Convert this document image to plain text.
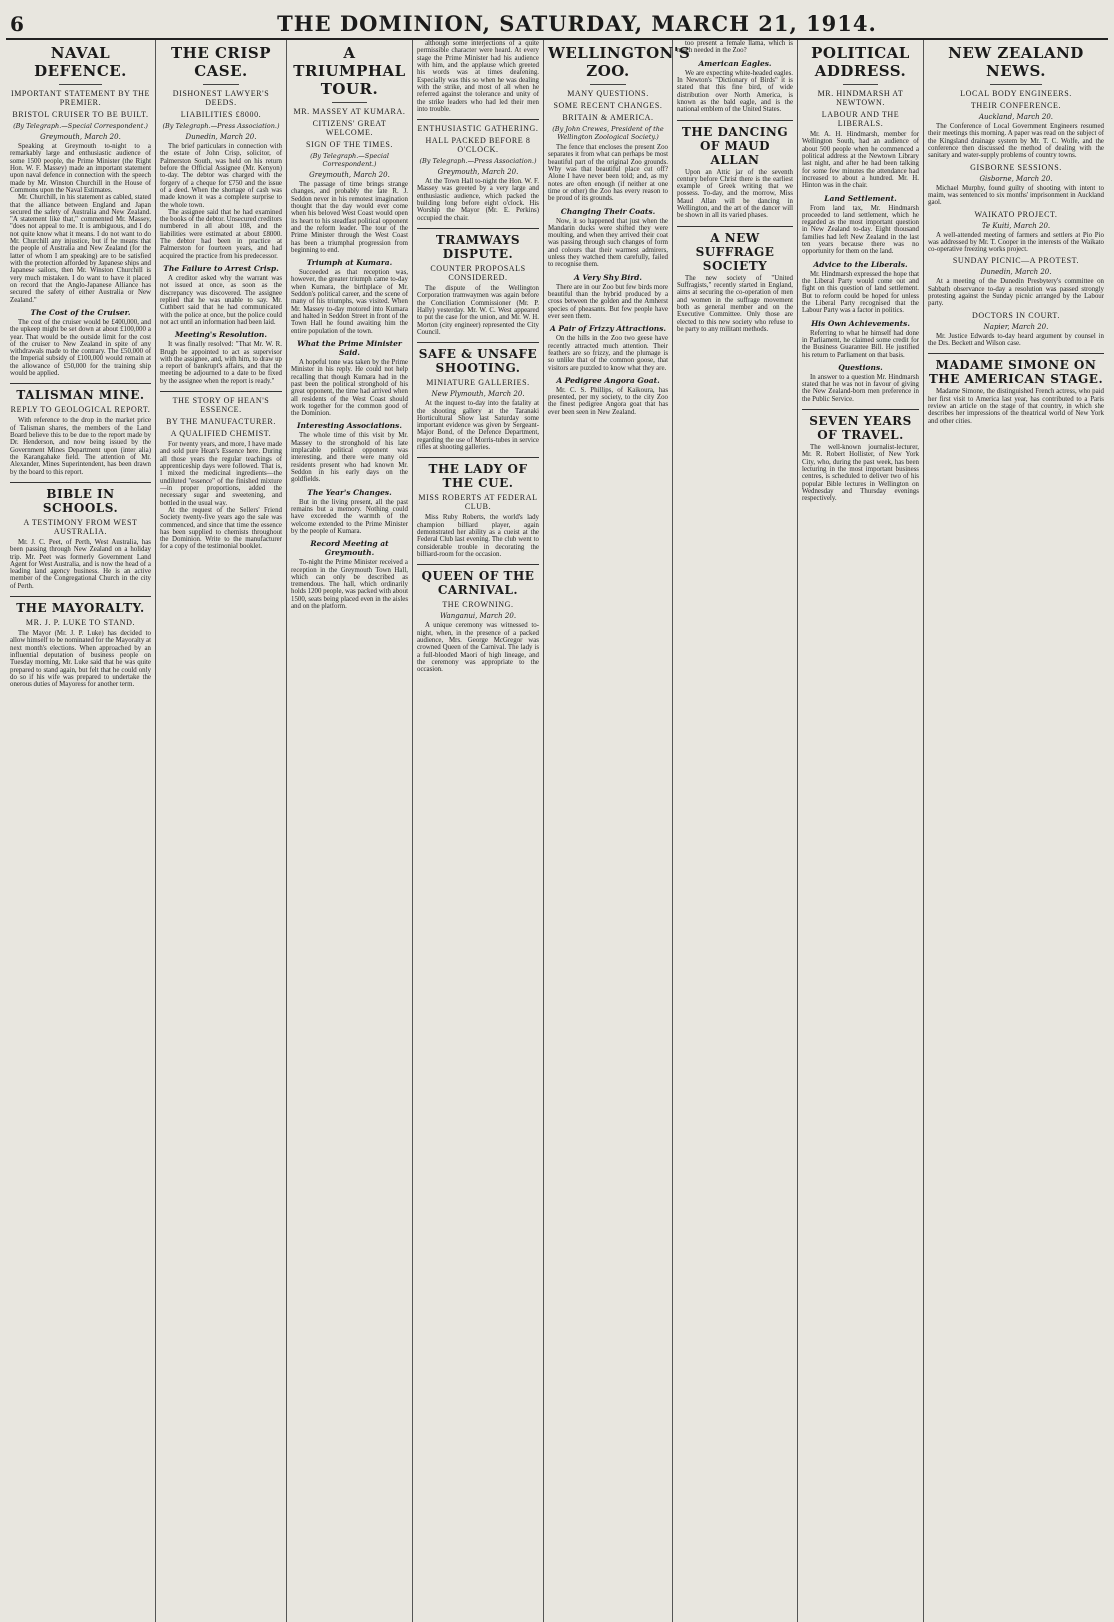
6	THE DOMINION, SATURDAY, MARCH 21, 1914.
NAVAL DEFENCE.
IMPORTANT STATEMENT BY THE PREMIER.
BRISTOL CRUISER TO BE BUILT.
(By Telegraph.—Special Correspondent.)
Greymouth, March 20.

Speaking at Greymouth to-night to a remarkably large and enthusiastic audience of some 1500 people, the Prime Minister (the Right Hon. W. F. Massey) made an important statement upon naval defence in connection with the speech made by Mr. Winston Churchill in the House of Commons upon the Naval Estimates.

Mr. Churchill, in his statement as cabled, stated that the alliance between England and Japan secured the safety of Australia and New Zealand. "A statement like that," commented Mr. Massey, "does not appeal to me. It is ambiguous, and I do not quite know what it means. I do not want to do Mr. Churchill any injustice, but if he means that the people of Australia and New Zealand (for the latter of whom I am speaking) are to be satisfied with the protection afforded by Japanese ships and Japanese sailors, then Mr. Winston Churchill is very much mistaken. I do want to have it placed on record that the Anglo-Japanese Alliance has secured the safety of either Australia or New Zealand."

The Cost of the Cruiser.

The cost of the cruiser would be £400,000, and the upkeep might be set down at about £100,000 a year. That would be the outside limit for the cost of the cruiser to New Zealand in spite of any withdrawals made to the contrary. The £50,000 of the Imperial subsidy of £100,000 would remain at the allowance of £50,000 for the training ship would be applied.

TALISMAN MINE.
REPLY TO GEOLOGICAL REPORT.

With reference to the drop in the market price of Talisman shares, the members of the Land Board believe this to be due to the report made by Dr. Henderson, and now being issued by the Government Mines Department upon (inter alia) the Karangahake field. The attention of Mr. Alexander, Mines Superintendent, has been drawn by the board to this report.

BIBLE IN SCHOOLS.
A TESTIMONY FROM WEST AUSTRALIA.

Mr. J. C. Peet, of Perth, West Australia, has been passing through New Zealand on a holiday trip. Mr. Peet was formerly Government Land Agent for West Australia, and is now the head of a leading land agency business. He is an active member of the Congregational Church in the city of Perth.

THE MAYORALTY.
MR. J. P. LUKE TO STAND.

The Mayor (Mr. J. P. Luke) has decided to allow himself to be nominated for the Mayoralty at next month's elections. When approached by an influential deputation of business people on Tuesday morning, Mr. Luke said that he was quite prepared to stand again, but felt that he could only do so if his wife was prepared to undertake the onerous duties of Mayoress for another term.

THE CRISP CASE.
DISHONEST LAWYER'S DEEDS.
LIABILITIES £8000.
(By Telegraph.—Press Association.)
Dunedin, March 20.

The brief particulars in connection with the estate of John Crisp, solicitor, of Palmerston South, was held on his return before the Official Assignee (Mr. Kenyon) to-day. The debtor was charged with the forgery of a cheque for £750 and the issue of a deed. When the shortage of cash was made known it was a complete surprise to the whole town.

The assignee said that he had examined the books of the debtor. Unsecured creditors numbered in all about 108, and the liabilities were estimated at about £8000. The debtor had been in practice at Palmerston for fourteen years, and had acquired the practice from his predecessor.

The Failure to Arrest Crisp.

A creditor asked why the warrant was not issued at once, as soon as the discrepancy was discovered. The assignee replied that he was unable to say. Mr. Cuthbert said that he had communicated with the police at once, but the police could not act until an information had been laid.

Meeting's Resolution.

It was finally resolved: "That Mr. W. R. Brugh be appointed to act as supervisor with the assignee, and, with him, to draw up a report of bankrupt's affairs, and that the meeting be adjourned to a date to be fixed by the assignee when the report is ready."

THE STORY OF HEAN'S ESSENCE.
BY THE MANUFACTURER.
A QUALIFIED CHEMIST.

For twenty years, and more, I have made and sold pure Hean's Essence here. During all those years the regular teachings of apprenticeship days were followed. That is, I mixed the medicinal ingredients—the undiluted "essence" of the finished mixture—in proper proportions, added the necessary sugar and sweetening, and bottled in the usual way.

At the request of the Sellers' Friend Society twenty-five years ago the sale was commenced, and since that time the essence has been supplied to chemists throughout the Dominion. Write to the manufacturer for a copy of the testimonial booklet.

A TRIUMPHAL TOUR.
MR. MASSEY AT KUMARA.
CITIZENS' GREAT WELCOME.
SIGN OF THE TIMES.
(By Telegraph.—Special Correspondent.)
Greymouth, March 20.

The passage of time brings strange changes, and probably the late R. J. Seddon never in his remotest imagination thought that the day would ever come when his beloved West Coast would open its heart to his steadfast political opponent and the reform leader. The tour of the Prime Minister through the West Coast has been a triumphal progression from beginning to end.

Triumph at Kumara.

Succeeded as that reception was, however, the greater triumph came to-day when Kumara, the birthplace of Mr. Seddon's political career, and the scene of many of his triumphs, was visited. When Mr. Massey to-day motored into Kumara and halted in Seddon Street in front of the Town Hall he found awaiting him the entire population of the town.

What the Prime Minister Said.

A hopeful tone was taken by the Prime Minister in his reply. He could not help recalling that though Kumara had in the past been the political stronghold of his great opponent, the time had arrived when all residents of the West Coast should work together for the common good of the Dominion.

Interesting Associations.

The whole time of this visit by Mr. Massey to the stronghold of his late implacable political opponent was interesting, and there were many old residents present who had known Mr. Seddon in his early days on the goldfields.

The Year's Changes.

But in the living present, all the past remains but a memory. Nothing could have exceeded the warmth of the welcome extended to the Prime Minister by the people of Kumara.

Record Meeting at Greymouth.

To-night the Prime Minister received a reception in the Greymouth Town Hall, which can only be described as tremendous. The hall, which ordinarily holds 1200 people, was packed with about 1500, seats being placed even in the aisles and on the platform.

although some interjections of a quite permissible character were heard. At every stage the Prime Minister had his audience with him, and the applause which greeted his words was at times deafening. Especially was this so when he was dealing with the strike, and most of all when he referred against the tolerance and unity of the strike leaders who had led their men into trouble.

ENTHUSIASTIC GATHERING.
HALL PACKED BEFORE 8 O'CLOCK.
(By Telegraph.—Press Association.)
Greymouth, March 20.

At the Town Hall to-night the Hon. W. F. Massey was greeted by a very large and enthusiastic audience, which packed the building long before eight o'clock. His Worship the Mayor (Mr. E. Perkins) occupied the chair.

TRAMWAYS DISPUTE.
COUNTER PROPOSALS CONSIDERED.

The dispute of the Wellington Corporation tramwaymen was again before the Conciliation Commissioner (Mr. P. Hally) yesterday. Mr. W. C. West appeared to put the case for the union, and Mr. W. H. Morton (city engineer) represented the City Council.

SAFE & UNSAFE SHOOTING.
MINIATURE GALLERIES.
New Plymouth, March 20.

At the inquest to-day into the fatality at the shooting gallery at the Taranaki Horticultural Show last Saturday some important evidence was given by Sergeant-Major Bond, of the Defence Department, regarding the use of Morris-tubes in service rifles at shooting galleries.

THE LADY OF THE CUE.
MISS ROBERTS AT FEDERAL CLUB.

Miss Ruby Roberts, the world's lady champion billiard player, again demonstrated her ability as a cueist at the Federal Club last evening. The club went to considerable trouble in decorating the billiard-room for the occasion.

QUEEN OF THE CARNIVAL.
THE CROWNING.
Wanganui, March 20.

A unique ceremony was witnessed to-night, when, in the presence of a packed audience, Mrs. George McGregor was crowned Queen of the Carnival. The lady is a full-blooded Maori of high lineage, and the ceremony was appropriate to the occasion.

WELLINGTON'S ZOO.
MANY QUESTIONS.
SOME RECENT CHANGES.
BRITAIN & AMERICA.
(By John Crewes, President of the Wellington Zoological Society.)

The fence that encloses the present Zoo separates it from what can perhaps be most beautiful part of the original Zoo grounds. Why was that beautiful place cut off? Alone I have never been told; and, as my notes are often enough (if neither at one time or other) the Zoo has every reason to be proud of its grounds.

Changing Their Coats.

Now, it so happened that just when the Mandarin ducks were shifted they were moulting, and when they arrived their coat was passing through such changes of form and colours that their warmest admirers, unless they watched them carefully, failed to recognise them.

A Very Shy Bird.

There are in our Zoo but few birds more beautiful than the hybrid produced by a cross between the golden and the Amherst species of pheasants. But few people have ever seen them.

A Pair of Frizzy Attractions.

On the hills in the Zoo two geese have recently attracted much attention. Their feathers are so frizzy, and the plumage is so unlike that of the common goose, that visitors are puzzled to know what they are.

A Pedigree Angora Goat.

Mr. C. S. Phillips, of Kaikoura, has presented, per my society, to the city Zoo the finest pedigree Angora goat that has ever been seen in New Zealand.

too present a female llama, which is much needed in the Zoo?

American Eagles.

We are expecting white-headed eagles. In Newton's "Dictionary of Birds" it is stated that this fine bird, of wide distribution over North America, is known as the bald eagle, and is the national emblem of the United States.

THE DANCING OF MAUD ALLAN

Upon an Attic jar of the seventh century before Christ there is the earliest example of Greek writing that we possess. To-day, and the morrow, Miss Maud Allan will be dancing in Wellington, and the art of the dancer will be shown in all its varied phases.

A NEW SUFFRAGE SOCIETY

The new society of "United Suffragists," recently started in England, aims at securing the co-operation of men and women in the suffrage movement both as general member and on the Executive Committee. Only those are elected to this new society who refuse to be party to any militant methods.

POLITICAL ADDRESS.
MR. HINDMARSH AT NEWTOWN.
LABOUR AND THE LIBERALS.

Mr. A. H. Hindmarsh, member for Wellington South, had an audience of about 500 people when he commenced a political address at the Newtown Library last night, and after he had been talking for some few minutes the attendance had increased to about a hundred. Mr. H. Hinton was in the chair.

Land Settlement.

From land tax, Mr. Hindmarsh proceeded to land settlement, which he regarded as the most important question in New Zealand to-day. Eight thousand families had left New Zealand in the last ten years because there was no opportunity for them on the land.

Advice to the Liberals.

Mr. Hindmarsh expressed the hope that the Liberal Party would come out and fight on this question of land settlement. But to reform could be hoped for unless the Liberal Party recognised that the Labour Party was a factor in politics.

His Own Achievements.

Referring to what he himself had done in Parliament, he claimed some credit for the Business Guarantee Bill. He justified his return to Parliament on that basis.

Questions.

In answer to a question Mr. Hindmarsh stated that he was not in favour of giving the New Zealand-born men preference in the Public Service.

SEVEN YEARS OF TRAVEL.

The well-known journalist-lecturer, Mr. R. Robert Hollister, of New York City, who, during the past week, has been lecturing in the most important business centres, is scheduled to deliver two of his popular Bible lectures in Wellington on Wednesday and Thursday evenings respectively.

NEW ZEALAND NEWS.
LOCAL BODY ENGINEERS.
THEIR CONFERENCE.
Auckland, March 20.

The Conference of Local Government Engineers resumed their meetings this morning. A paper was read on the subject of the Kingsland drainage system by Mr. T. C. Wolfe, and the conference then discussed the method of dealing with the sanitary and water-supply problems of country towns.

GISBORNE SESSIONS.
Gisborne, March 20.

Michael Murphy, found guilty of shooting with intent to maim, was sentenced to six months' imprisonment in Auckland gaol.

WAIKATO PROJECT.
Te Kuiti, March 20.

A well-attended meeting of farmers and settlers at Pio Pio was addressed by Mr. T. Cooper in the interests of the Waikato co-operative freezing works project.

SUNDAY PICNIC—A PROTEST.
Dunedin, March 20.

At a meeting of the Dunedin Presbytery's committee on Sabbath observance to-day a resolution was passed strongly protesting against the Sunday picnic arranged by the Labour party.

DOCTORS IN COURT.
Napier, March 20.

Mr. Justice Edwards to-day heard argument by counsel in the Drs. Beckett and Wilson case.

MADAME SIMONE ON THE AMERICAN STAGE.

Madame Simone, the distinguished French actress, who paid her first visit to America last year, has contributed to a Paris review an article on the stage of that country, in which she describes her impressions of the theatrical world of New York and other cities.
